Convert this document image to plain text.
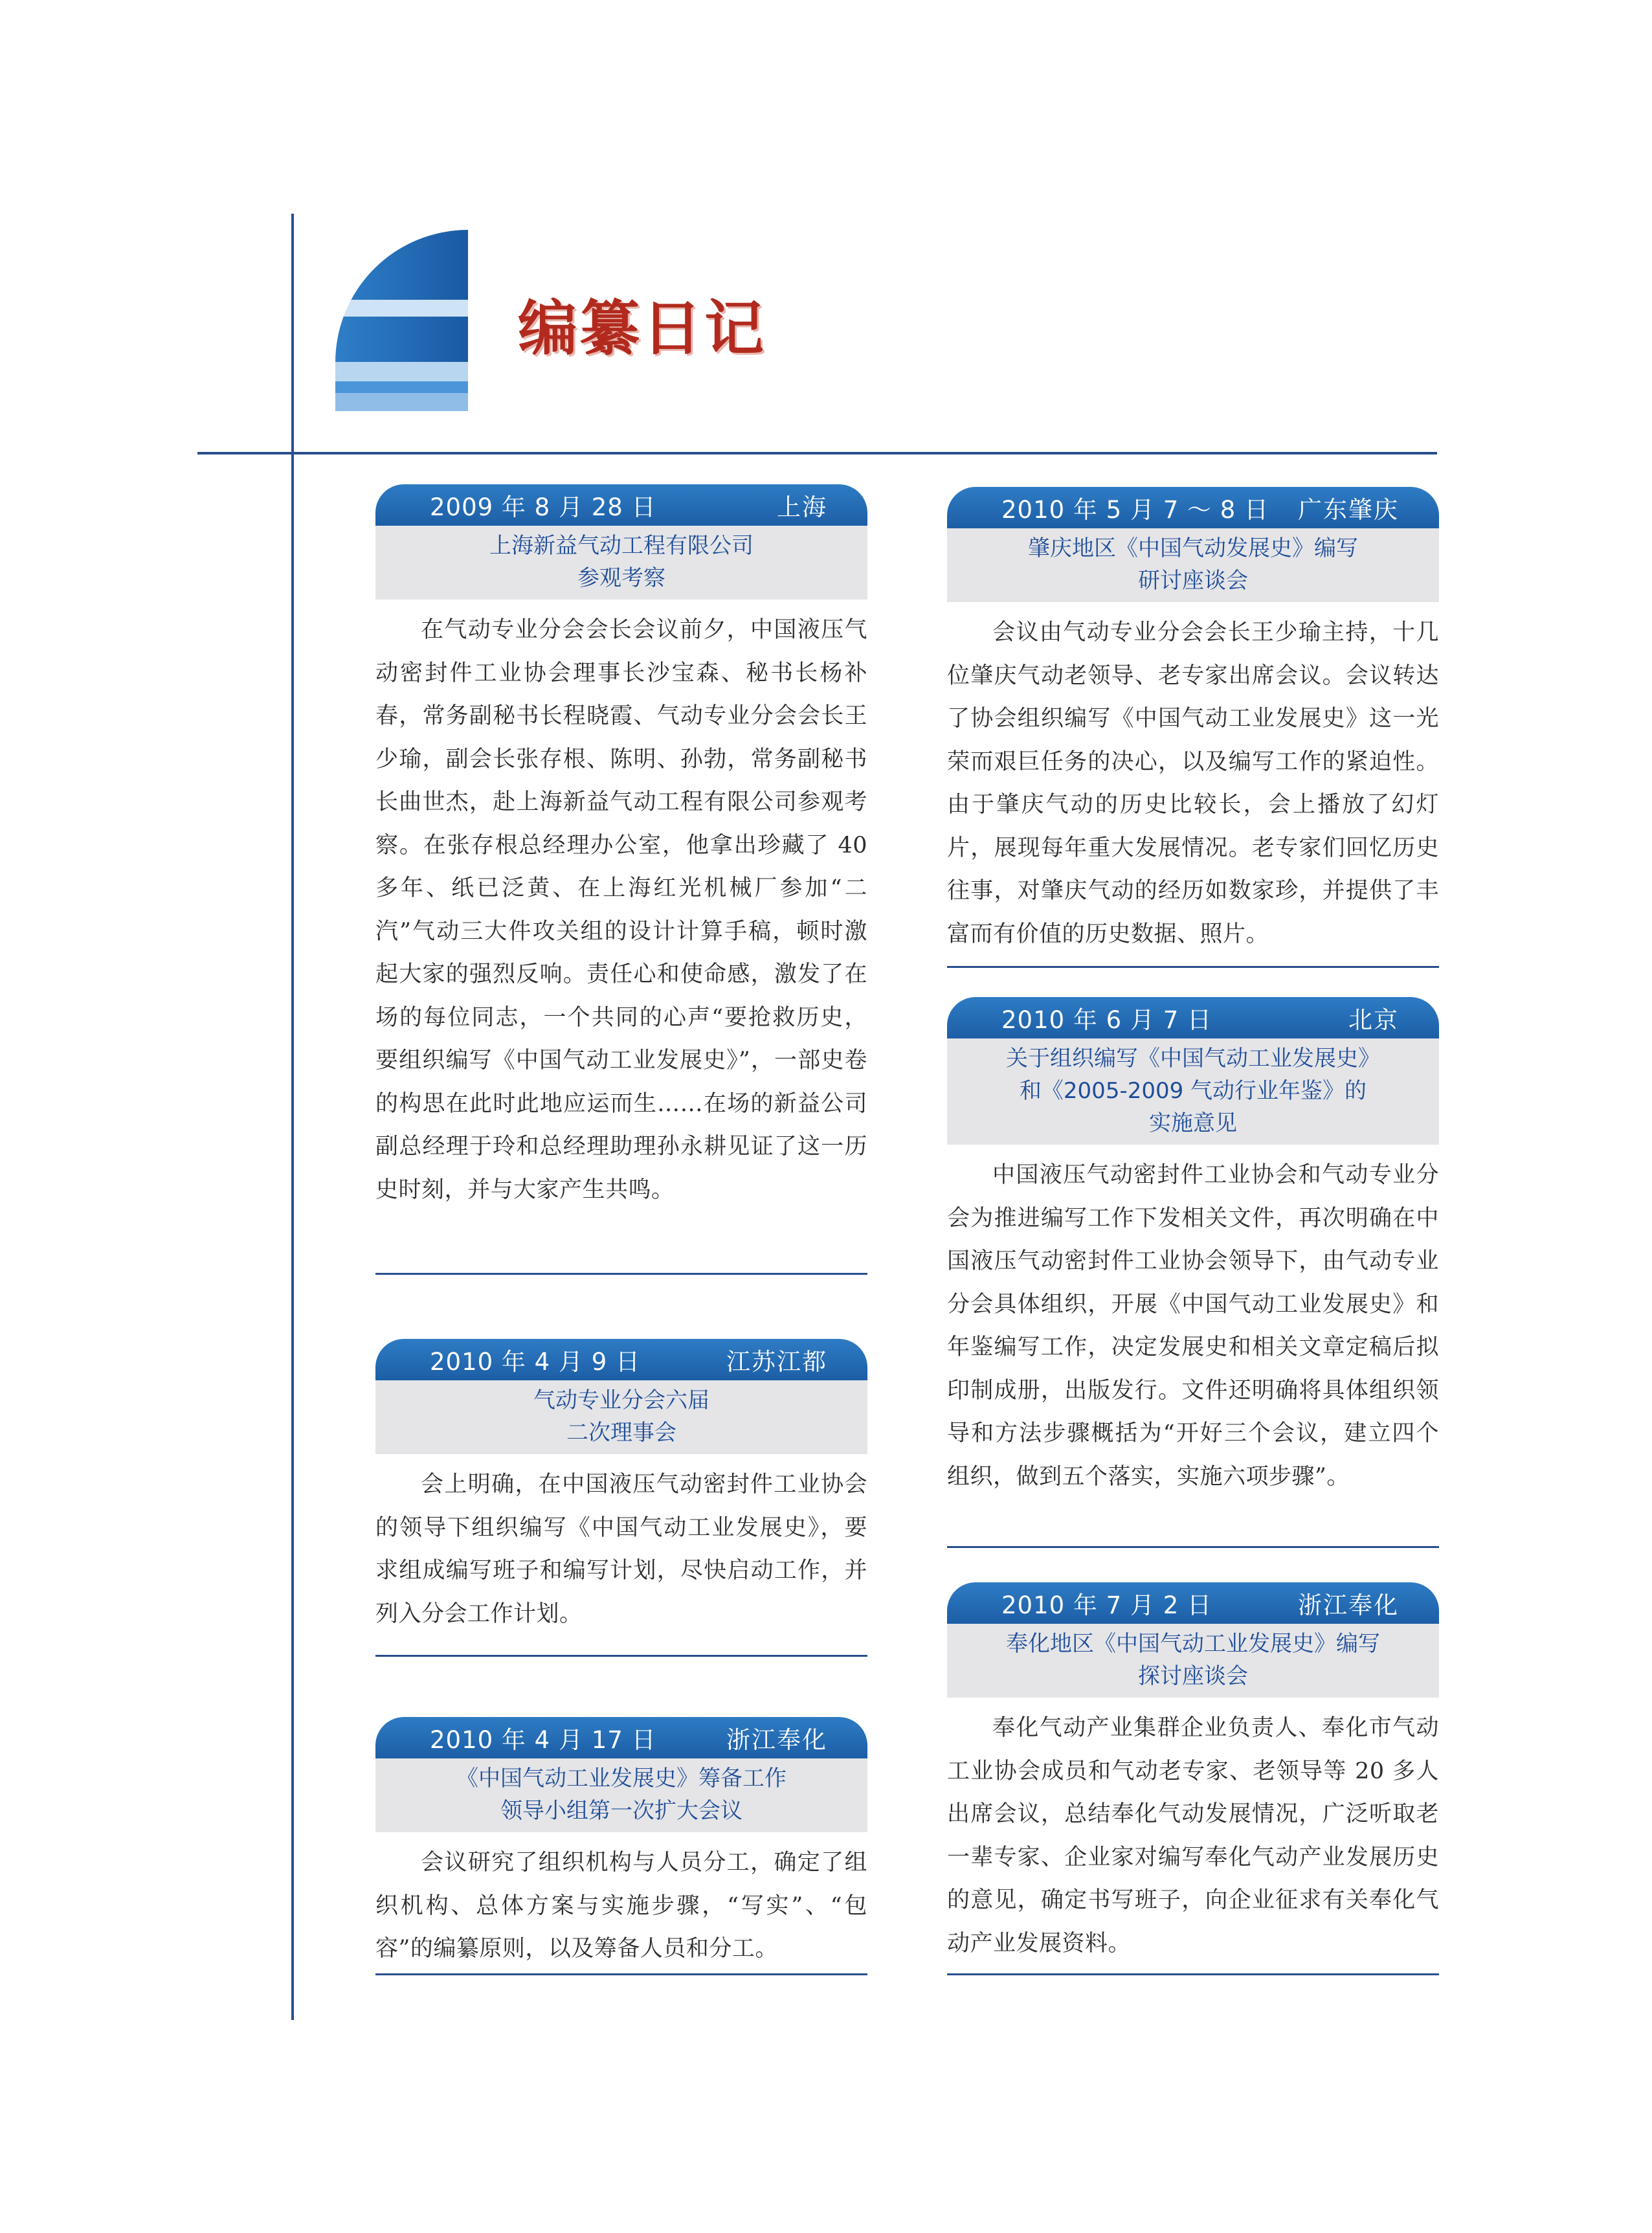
编纂日记
2009 年 8 月 28 日	上海
上海新益气动工程有限公司
参观考察
在气动专业分会会长会议前夕，中国液压气动密封件工业协会理事长沙宝森、秘书长杨补春，常务副秘书长程晓霞、气动专业分会会长王少瑜，副会长张存根、陈明、孙勃，常务副秘书长曲世杰，赴上海新益气动工程有限公司参观考察。在张存根总经理办公室，他拿出珍藏了 40 多年、纸已泛黄、在上海红光机械厂参加“二汽”气动三大件攻关组的设计计算手稿，顿时激起大家的强烈反响。责任心和使命感，激发了在场的每位同志，一个共同的心声“要抢救历史，要组织编写《中国气动工业发展史》”，一部史卷的构思在此时此地应运而生……在场的新益公司副总经理于玲和总经理助理孙永耕见证了这一历史时刻，并与大家产生共鸣。
2010 年 4 月 9 日	江苏江都
气动专业分会六届
二次理事会
会上明确，在中国液压气动密封件工业协会的领导下组织编写《中国气动工业发展史》，要求组成编写班子和编写计划，尽快启动工作，并列入分会工作计划。
2010 年 4 月 17 日	浙江奉化
《中国气动工业发展史》筹备工作
领导小组第一次扩大会议
会议研究了组织机构与人员分工，确定了组织机构、总体方案与实施步骤，“写实”、“包容”的编纂原则，以及筹备人员和分工。
2010 年 5 月 7 ～ 8 日 广东肇庆
肇庆地区《中国气动发展史》编写
研讨座谈会
会议由气动专业分会会长王少瑜主持，十几位肇庆气动老领导、老专家出席会议。会议转达了协会组织编写《中国气动工业发展史》这一光荣而艰巨任务的决心，以及编写工作的紧迫性。由于肇庆气动的历史比较长，会上播放了幻灯片，展现每年重大发展情况。老专家们回忆历史往事，对肇庆气动的经历如数家珍，并提供了丰富而有价值的历史数据、照片。
2010 年 6 月 7 日	北京
关于组织编写《中国气动工业发展史》
和《2005-2009 气动行业年鉴》的
实施意见
中国液压气动密封件工业协会和气动专业分会为推进编写工作下发相关文件，再次明确在中国液压气动密封件工业协会领导下，由气动专业分会具体组织，开展《中国气动工业发展史》和年鉴编写工作，决定发展史和相关文章定稿后拟印制成册，出版发行。文件还明确将具体组织领导和方法步骤概括为“开好三个会议，建立四个组织，做到五个落实，实施六项步骤”。
2010 年 7 月 2 日	浙江奉化
奉化地区《中国气动工业发展史》编写
探讨座谈会
奉化气动产业集群企业负责人、奉化市气动工业协会成员和气动老专家、老领导等 20 多人出席会议，总结奉化气动发展情况，广泛听取老一辈专家、企业家对编写奉化气动产业发展历史的意见，确定书写班子，向企业征求有关奉化气动产业发展资料。
